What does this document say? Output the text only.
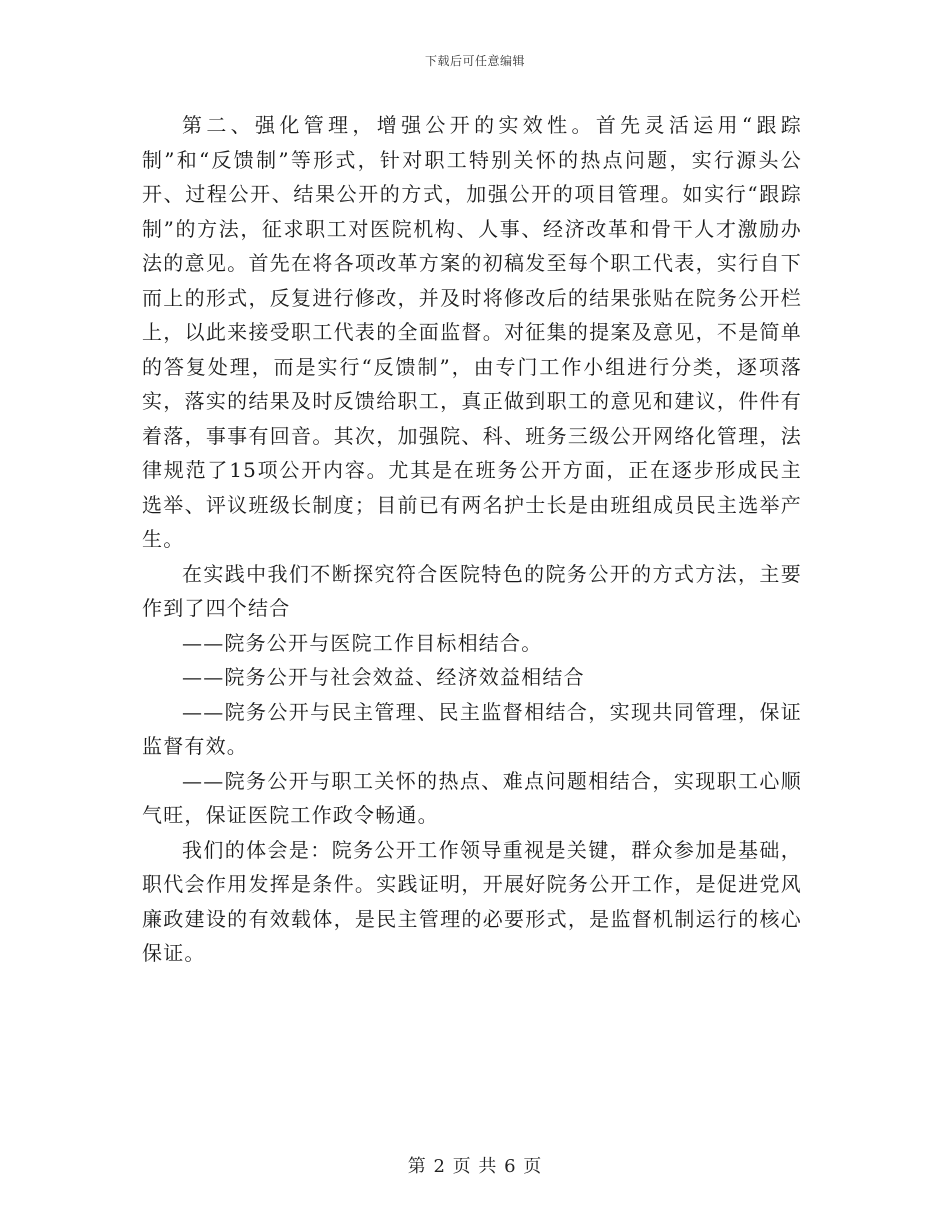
下载后可任意编辑

第二、强化管理，增强公开的实效性。首先灵活运用“跟踪制”和“反馈制”等形式，针对职工特别关怀的热点问题，实行源头公开、过程公开、结果公开的方式，加强公开的项目管理。如实行“跟踪制”的方法，征求职工对医院机构、人事、经济改革和骨干人才激励办法的意见。首先在将各项改革方案的初稿发至每个职工代表，实行自下而上的形式，反复进行修改，并及时将修改后的结果张贴在院务公开栏上，以此来接受职工代表的全面监督。对征集的提案及意见，不是简单的答复处理，而是实行“反馈制”，由专门工作小组进行分类，逐项落实，落实的结果及时反馈给职工，真正做到职工的意见和建议，件件有着落，事事有回音。其次，加强院、科、班务三级公开网络化管理，法律规范了15项公开内容。尤其是在班务公开方面，正在逐步形成民主选举、评议班级长制度；目前已有两名护士长是由班组成员民主选举产生。

在实践中我们不断探究符合医院特色的院务公开的方式方法，主要作到了四个结合

——院务公开与医院工作目标相结合。

——院务公开与社会效益、经济效益相结合

——院务公开与民主管理、民主监督相结合，实现共同管理，保证监督有效。

——院务公开与职工关怀的热点、难点问题相结合，实现职工心顺气旺，保证医院工作政令畅通。

我们的体会是：院务公开工作领导重视是关键，群众参加是基础，职代会作用发挥是条件。实践证明，开展好院务公开工作，是促进党风廉政建设的有效载体，是民主管理的必要形式，是监督机制运行的核心保证。

第 2 页 共 6 页
